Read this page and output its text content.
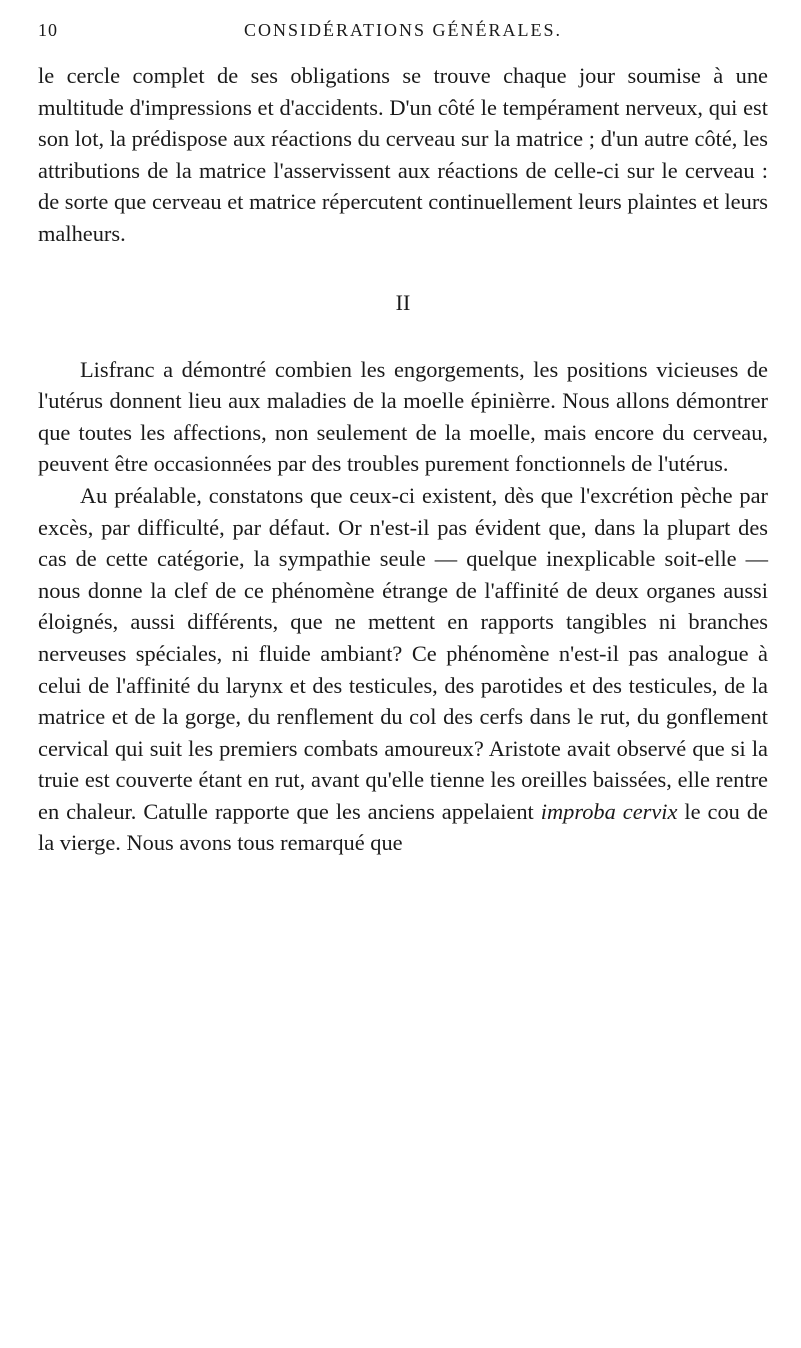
10	CONSIDÉRATIONS GÉNÉRALES.

le cercle complet de ses obligations se trouve chaque jour soumise à une multitude d'impressions et d'accidents. D'un côté le tempérament nerveux, qui est son lot, la prédispose aux réactions du cerveau sur la matrice ; d'un autre côté, les attributions de la matrice l'asservissent aux réactions de celle-ci sur le cerveau : de sorte que cerveau et matrice répercutent continuellement leurs plaintes et leurs malheurs.

II

Lisfranc a démontré combien les engorgements, les positions vicieuses de l'utérus donnent lieu aux maladies de la moelle épinièrre. Nous allons démontrer que toutes les affections, non seulement de la moelle, mais encore du cerveau, peuvent être occasionnées par des troubles purement fonctionnels de l'utérus.

Au préalable, constatons que ceux-ci existent, dès que l'excrétion pèche par excès, par difficulté, par défaut. Or n'est-il pas évident que, dans la plupart des cas de cette catégorie, la sympathie seule — quelque inexplicable soit-elle — nous donne la clef de ce phénomène étrange de l'affinité de deux organes aussi éloignés, aussi différents, que ne mettent en rapports tangibles ni branches nerveuses spéciales, ni fluide ambiant? Ce phénomène n'est-il pas analogue à celui de l'affinité du larynx et des testicules, des parotides et des testicules, de la matrice et de la gorge, du renflement du col des cerfs dans le rut, du gonflement cervical qui suit les premiers combats amoureux? Aristote avait observé que si la truie est couverte étant en rut, avant qu'elle tienne les oreilles baissées, elle rentre en chaleur. Catulle rapporte que les anciens appelaient improba cervix le cou de la vierge. Nous avons tous remarqué que
